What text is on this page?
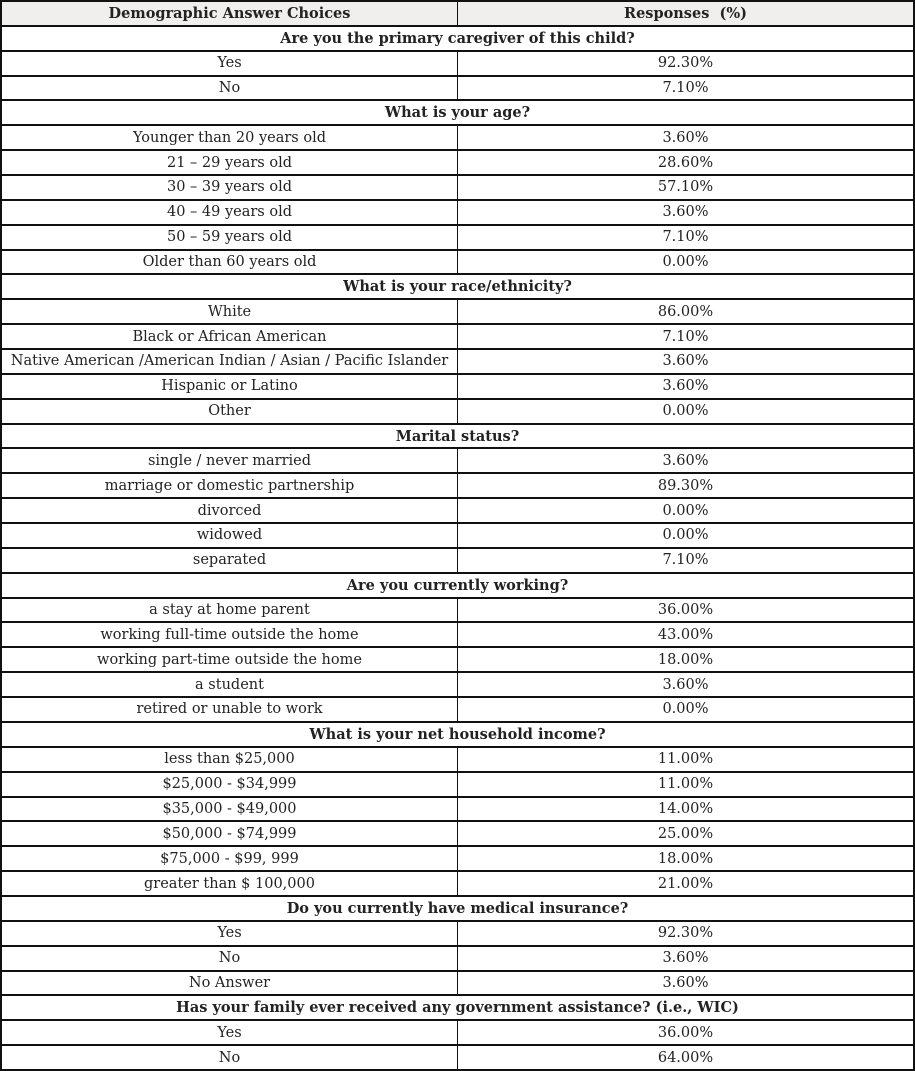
Demographic Answer Choices	Responses  (%)
Are you the primary caregiver of this child?	
Yes	92.30%
No	7.10%
What is your age?	
Younger than 20 years old	3.60%
21 – 29 years old	28.60%
30 – 39 years old	57.10%
40 – 49 years old	3.60%
50 – 59 years old	7.10%
Older than 60 years old	0.00%
What is your race/ethnicity?	
White	86.00%
Black or African American	7.10%
Native American /American Indian / Asian / Pacific Islander	3.60%
Hispanic or Latino	3.60%
Other	0.00%
Marital status?	
single / never married	3.60%
marriage or domestic partnership	89.30%
divorced	0.00%
widowed	0.00%
separated	7.10%
Are you currently working?	
a stay at home parent	36.00%
working full-time outside the home	43.00%
working part-time outside the home	18.00%
a student	3.60%
retired or unable to work	0.00%
What is your net household income?	
less than $25,000	11.00%
$25,000 - $34,999	11.00%
$35,000 - $49,000	14.00%
$50,000 - $74,999	25.00%
$75,000 - $99, 999	18.00%
greater than $ 100,000	21.00%
Do you currently have medical insurance?	
Yes	92.30%
No	3.60%
No Answer	3.60%
Has your family ever received any government assistance? (i.e., WIC)	
Yes	36.00%
No	64.00%
